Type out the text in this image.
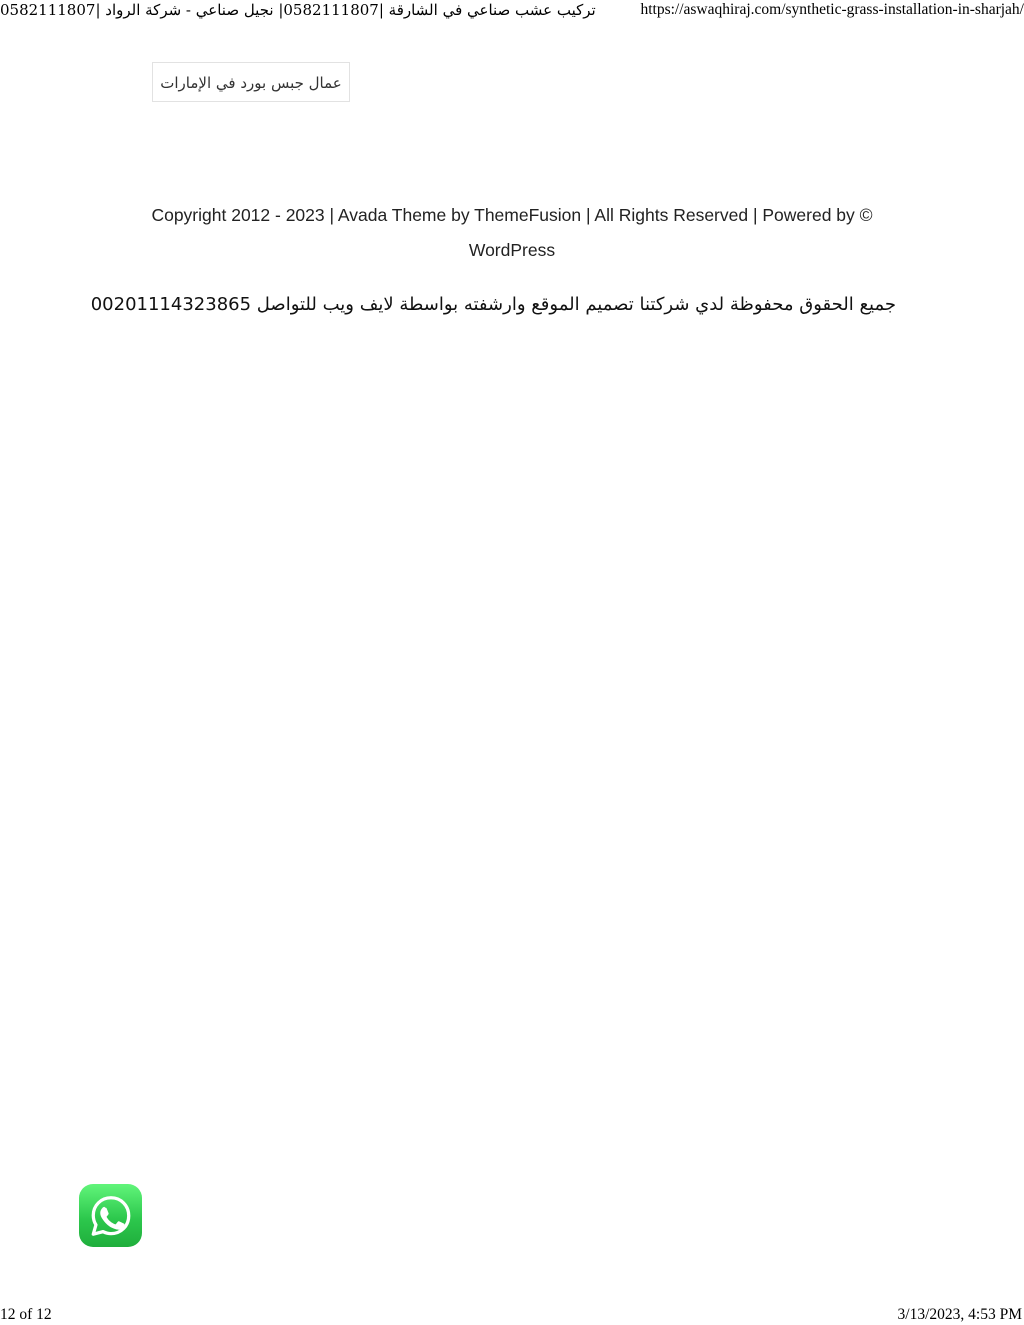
تركيب عشب صناعي في الشارقة |0582111807| نجيل صناعي - شركة الرواد |0582111807	https://aswaqhiraj.com/synthetic-grass-installation-in-sharjah/
عمال جبس بورد في الإمارات
Copyright 2012 - 2023 | Avada Theme by ThemeFusion | All Rights Reserved | Powered by ©
WordPress
جميع الحقوق محفوظة لدي شركتنا تصميم الموقع وارشفته بواسطة لايف ويب للتواصل 00201114323865
12 of 12	3/13/2023, 4:53 PM
